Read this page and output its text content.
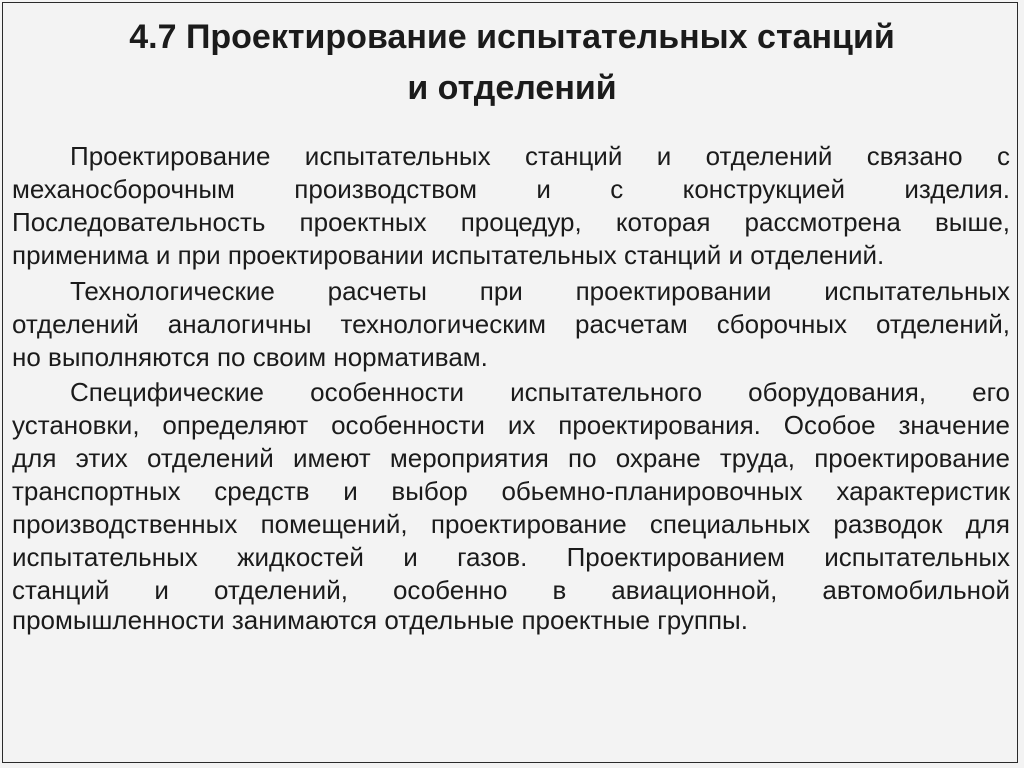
4.7 Проектирование испытательных станций
и отделений
Проектирование испытательных станций и отделений связано с
механосборочным производством и с конструкцией изделия.
Последовательность проектных процедур, которая рассмотрена выше,
применима и при проектировании испытательных станций и отделений.
Технологические расчеты при проектировании испытательных
отделений аналогичны технологическим расчетам сборочных отделений,
но выполняются по своим нормативам.
Специфические особенности испытательного оборудования, его
установки, определяют особенности их проектирования. Особое значение
для этих отделений имеют мероприятия по охране труда, проектирование
транспортных средств и выбор обьемно-планировочных характеристик
производственных помещений, проектирование специальных разводок для
испытательных жидкостей и газов. Проектированием испытательных
станций и отделений, особенно в авиационной, автомобильной
промышленности занимаются отдельные проектные группы.
